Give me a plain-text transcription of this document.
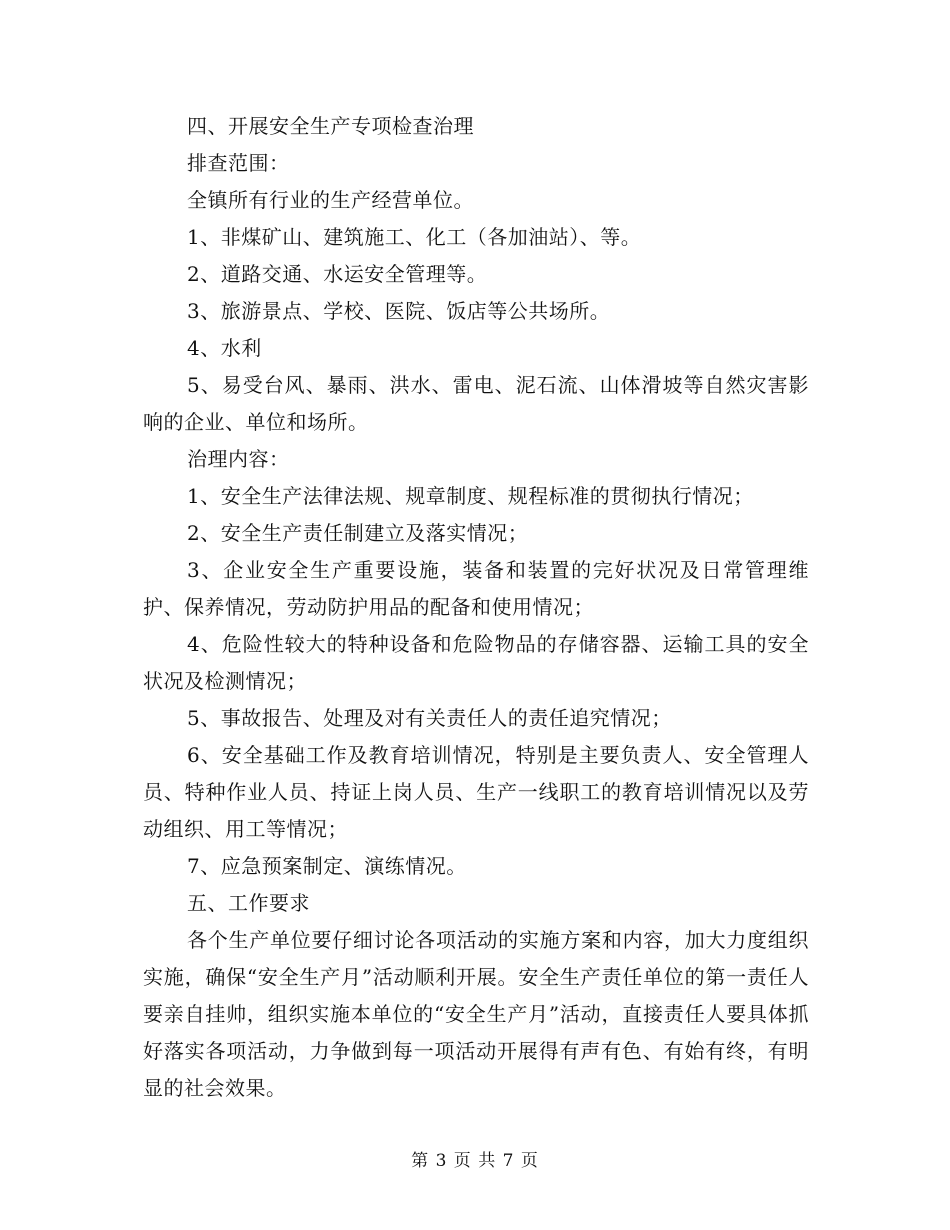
四、开展安全生产专项检查治理

排查范围：

全镇所有行业的生产经营单位。

1、非煤矿山、建筑施工、化工（各加油站）、等。

2、道路交通、水运安全管理等。

3、旅游景点、学校、医院、饭店等公共场所。

4、水利

5、易受台风、暴雨、洪水、雷电、泥石流、山体滑坡等自然灾害影响的企业、单位和场所。

治理内容：

1、安全生产法律法规、规章制度、规程标准的贯彻执行情况；

2、安全生产责任制建立及落实情况；

3、企业安全生产重要设施，装备和装置的完好状况及日常管理维护、保养情况，劳动防护用品的配备和使用情况；

4、危险性较大的特种设备和危险物品的存储容器、运输工具的安全状况及检测情况；

5、事故报告、处理及对有关责任人的责任追究情况；

6、安全基础工作及教育培训情况，特别是主要负责人、安全管理人员、特种作业人员、持证上岗人员、生产一线职工的教育培训情况以及劳动组织、用工等情况；

7、应急预案制定、演练情况。

五、工作要求

各个生产单位要仔细讨论各项活动的实施方案和内容，加大力度组织实施，确保“安全生产月”活动顺利开展。安全生产责任单位的第一责任人要亲自挂帅，组织实施本单位的“安全生产月”活动，直接责任人要具体抓好落实各项活动，力争做到每一项活动开展得有声有色、有始有终，有明显的社会效果。

第 3 页 共 7 页
